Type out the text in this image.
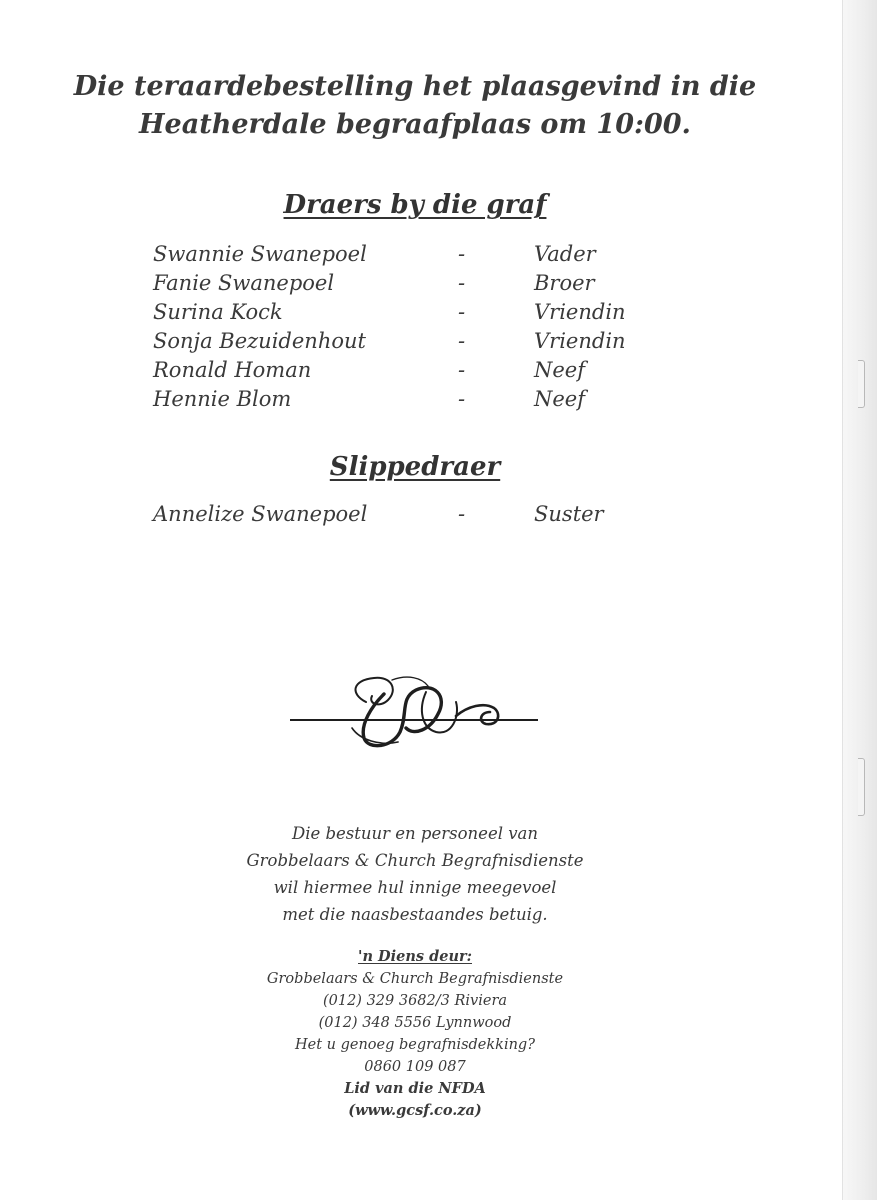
Die teraardebestelling het plaasgevind in die
Heatherdale begraafplaas om 10:00.
Draers by die graf
Swannie Swanepoel	-	Vader
Fanie Swanepoel	-	Broer
Surina Kock	-	Vriendin
Sonja Bezuidenhout	-	Vriendin
Ronald Homan	-	Neef
Hennie Blom	-	Neef
Slippedraer
Annelize Swanepoel	-	Suster
Die bestuur en personeel van
Grobbelaars & Church Begrafnisdienste
wil hiermee hul innige meegevoel
met die naasbestaandes betuig.
'n Diens deur:
Grobbelaars & Church Begrafnisdienste
(012) 329 3682/3 Riviera
(012) 348 5556 Lynnwood
Het u genoeg begrafnisdekking?
0860 109 087
Lid van die NFDA
(www.gcsf.co.za)
